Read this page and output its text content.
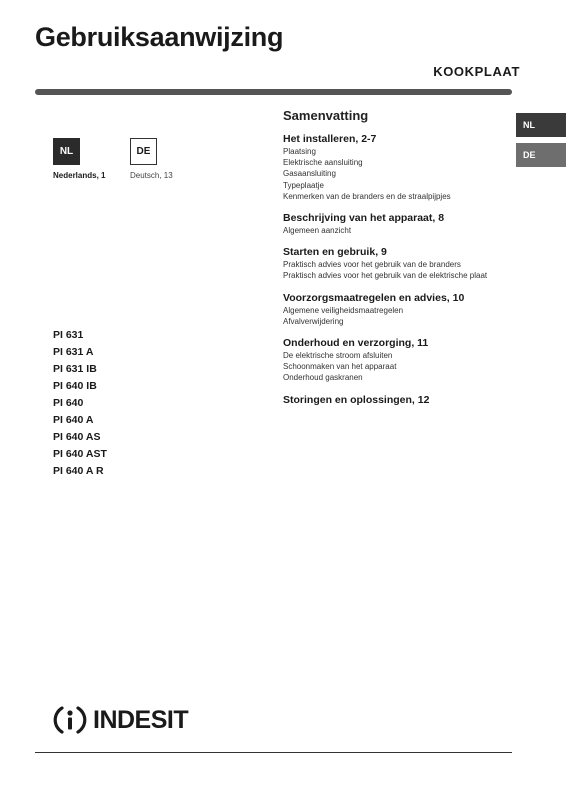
Gebruiksaanwijzing
KOOKPLAAT
NL	DE
Nederlands, 1	Deutsch, 13
NL
DE
Samenvatting
Het installeren, 2-7
Plaatsing
Elektrische aansluiting
Gasaansluiting
Typeplaatje
Kenmerken van de branders en de straalpijpjes
Beschrijving van het apparaat, 8
Algemeen aanzicht
Starten en gebruik, 9
Praktisch advies voor het gebruik van de branders
Praktisch advies voor het gebruik van de elektrische plaat
Voorzorgsmaatregelen en advies, 10
Algemene veiligheidsmaatregelen
Afvalverwijdering
Onderhoud en verzorging, 11
De elektrische stroom afsluiten
Schoonmaken van het apparaat
Onderhoud gaskranen
Storingen en oplossingen, 12
PI 631
PI 631 A
PI 631 IB
PI 640 IB
PI 640
PI 640 A
PI 640 AS
PI 640 AST
PI 640 A R
INDESIT
